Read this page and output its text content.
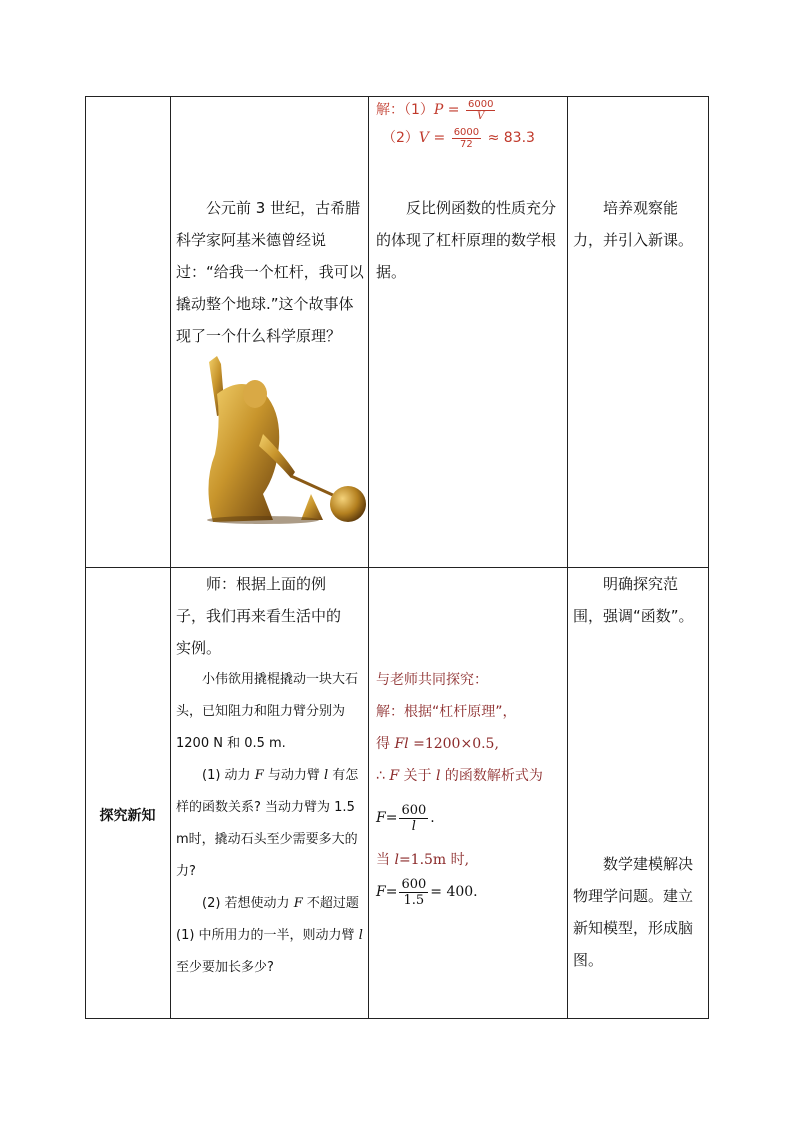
解：$(1)P = \frac{6000}{V}$
$(2)V = \frac{6000}{72} \approx 83.3$

公元前 3 世纪，古希腊科学家阿基米德曾经说过：“给我一个杠杆，我可以撬动整个地球.”这个故事体现了一个什么科学原理？

反比例函数的性质充分的体现了杠杆原理的数学根据。

培养观察能力，并引入新课。

探究新知

师：根据上面的例子，我们再来看生活中的实例。

小伟欲用撬棍撬动一块大石头，已知阻力和阻力臂分别为 1200 N 和 0.5 m.

(1) 动力 F 与动力臂 l 有怎样的函数关系? 当动力臂为 1.5 m时，撬动石头至少需要多大的力?

(2) 若想使动力 F 不超过题 (1) 中所用力的一半，则动力臂 l至少要加长多少?

与老师共同探究：
解：根据“杠杆原理”，
得 Fl =1200×0.5,
∴ F 关于 l 的函数解析式为
$F = \frac{600}{l}$ .
当 l=1.5m 时,
$F = \frac{600}{1.5} = 400$.

明确探究范围，强调“函数”。

数学建模解决物理学问题。建立新知模型，形成脑图。
